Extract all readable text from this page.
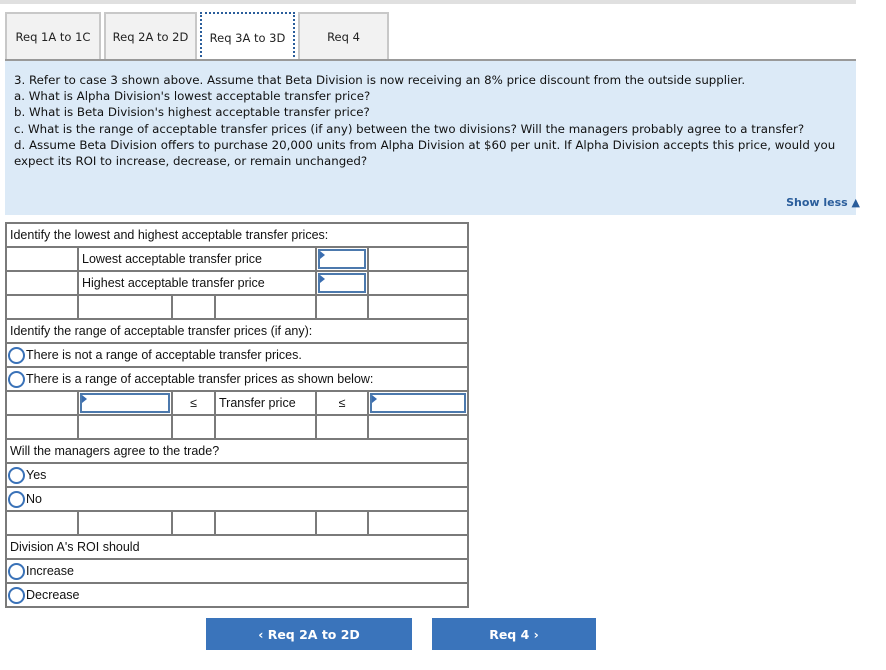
Req 1A to 1C	Req 2A to 2D	Req 3A to 3D	Req 4
3. Refer to case 3 shown above. Assume that Beta Division is now receiving an 8% price discount from the outside supplier.
a. What is Alpha Division's lowest acceptable transfer price?
b. What is Beta Division's highest acceptable transfer price?
c. What is the range of acceptable transfer prices (if any) between the two divisions? Will the managers probably agree to a transfer?
d. Assume Beta Division offers to purchase 20,000 units from Alpha Division at $60 per unit. If Alpha Division accepts this price, would you expect its ROI to increase, decrease, or remain unchanged?
Show less ▲
Identify the lowest and highest acceptable transfer prices:					
	Lowest acceptable transfer price			

	Highest acceptable transfer price			

Identify the range of acceptable transfer prices (if any):					
There is not a range of acceptable transfer prices.					
There is a range of acceptable transfer prices as shown below:					

	≤	Transfer price	≤	

Will the managers agree to the trade?					
Yes					
No					

Division A's ROI should					
Increase					
Decrease					
‹ Req 2A to 2D	Req 4 ›
